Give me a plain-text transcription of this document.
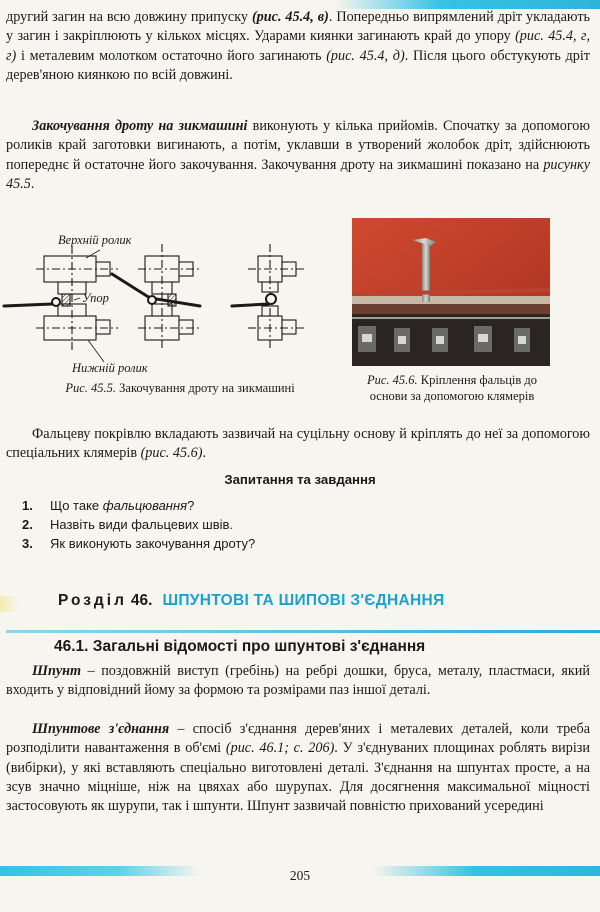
другий загин на всю довжину припуску (рис. 45.4, в). Попередньо випрямлений дріт укладають у загин і закріплюють у кількох місцях. Ударами киянки загинають край до упору (рис. 45.4, г, г) і металевим молотком остаточно його загинають (рис. 45.4, д). Після цього обстукують дріт дерев'яною киянкою по всій довжині.

Закочування дроту на зикмашині виконують у кілька прийомів. Спочатку за допомогою роликів край заготовки вигинають, а потім, уклавши в утворений жолобок дріт, здійснюють попереднє й остаточне його закочування. Закочування дроту на зикмашині показано на рисунку 45.5.

Верхній ролик
Упор
Нижній ролик
Рис. 45.5. Закочування дроту на зикмашині
Рис. 45.6. Кріплення фальців до основи за допомогою клямерів

Фальцеву покрівлю вкладають зазвичай на суцільну основу й кріплять до неї за допомогою спеціальних клямерів (рис. 45.6).

Запитання та завдання
1.	Що таке фальцювання?
2.	Назвіть види фальцевих швів.
3.	Як виконують закочування дроту?
Розділ 46. ШПУНТОВІ ТА ШИПОВІ З'ЄДНАННЯ
46.1. Загальні відомості про шпунтові з'єднання

Шпунт – поздовжній виступ (гребінь) на ребрі дошки, бруса, металу, пластмаси, який входить у відповідний йому за формою та розмірами паз іншої деталі.

Шпунтове з'єднання – спосіб з'єднання дерев'яних і металевих деталей, коли треба розподілити навантаження в об'ємі (рис. 46.1; с. 206). У з'єднуваних площинах роблять вирізи (вибірки), у які вставляють спеціально виготовлені деталі. З'єднання на шпунтах просте, а на зсув значно міцніше, ніж на цвяхах або шурупах. Для досягнення максимальної міцності застосовують як шурупи, так і шпунти. Шпунт зазвичай повністю прихований усередині

205
